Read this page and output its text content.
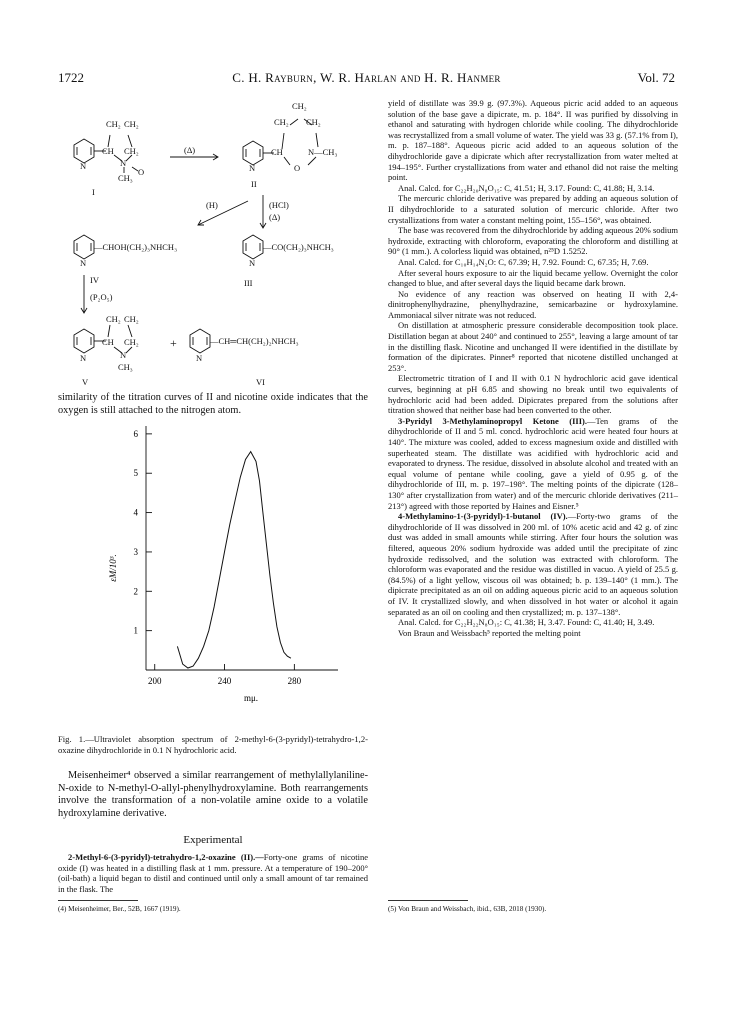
1722	C. H. Rayburn, W. R. Harlan and H. R. Hanmer	Vol. 72
CH₂ CH₂
CH CH₂
N
O
CH₃
N
I
(Δ)
CH₂
CH₂ CH₂
CH	N—CH₃
O
N
II
(H)	(HCl)
(Δ)
—CHOH(CH₂)₃NHCH₃
N
IV
(P₂O₅)
—CO(CH₂)₃NHCH₃
N
III
CH₂ CH₂
CH CH₂
N
CH₃
N
V
+	—CH═CH(CH₂)₂NHCH₃
N
VI

similarity of the titration curves of II and nicotine oxide indicates that the oxygen is still attached to the nitrogen atom.

1
2
3
4
5
6
200	240	280
εM/10³.
mμ.
Fig. 1.—Ultraviolet absorption spectrum of 2-methyl-6-(3-pyridyl)-tetrahydro-1,2-oxazine dihydrochloride in 0.1 N hydrochloric acid.

Meisenheimer⁴ observed a similar rearrangement of methylallylaniline-N-oxide to N-methyl-O-allyl-phenylhydroxylamine. Both rearrangements involve the transformation of a non-volatile amine oxide to a volatile hydroxylamine derivative.

Experimental

2-Methyl-6-(3-pyridyl)-tetrahydro-1,2-oxazine (II).—Forty-one grams of nicotine oxide (I) was heated in a distilling flask at 1 mm. pressure. At a temperature of 190–200° (oil-bath) a liquid began to distil and continued until only a small amount of tar remained in the flask. The

(4) Meisenheimer, Ber., 52B, 1667 (1919).

yield of distillate was 39.9 g. (97.3%). Aqueous picric acid added to an aqueous solution of the base gave a dipicrate, m. p. 184°. II was purified by dissolving in ethanol and saturating with hydrogen chloride while cooling. The dihydrochloride was recrystallized from a small volume of water. The yield was 33 g. (57.1% from I), m. p. 187–188°. Aqueous picric acid added to an aqueous solution of the dihydrochloride gave a dipicrate which after recrystallization from water melted at 194–195°. Further crystallizations from water and ethanol did not raise the melting point.

Anal. Calcd. for C₂₂H₂₀N₈O₁₅: C, 41.51; H, 3.17. Found: C, 41.88; H, 3.14.

The mercuric chloride derivative was prepared by adding an aqueous solution of II dihydrochloride to a saturated solution of mercuric chloride. After two crystallizations from water a constant melting point, 155–156°, was obtained.

The base was recovered from the dihydrochloride by adding aqueous 20% sodium hydroxide, extracting with chloroform, evaporating the chloroform and distilling at 90° (1 mm.). A colorless liquid was obtained, n²⁵D 1.5252.

Anal. Calcd. for C₁₀H₁₄N₂O: C, 67.39; H, 7.92. Found: C, 67.35; H, 7.69.

After several hours exposure to air the liquid became yellow. Overnight the color changed to blue, and after several days the liquid became dark brown.

No evidence of any reaction was observed on heating II with 2,4-dinitrophenylhydrazine, phenylhydrazine, semicarbazine or hydroxylamine. Ammoniacal silver nitrate was not reduced.

On distillation at atmospheric pressure considerable decomposition took place. Distillation began at about 240° and continued to 255°, leaving a large amount of tar in the distilling flask. Nicotine and unchanged II were identified in the distillate by formation of the dipicrates. Pinner⁸ reported that nicotene distilled unchanged at 253°.

Electrometric titration of I and II with 0.1 N hydrochloric acid gave identical curves, beginning at pH 6.85 and showing no break until two equivalents of hydrochloric acid had been added. Dipicrates prepared from the solutions after titration showed that neither base had been converted to the other.

3-Pyridyl 3-Methylaminopropyl Ketone (III).—Ten grams of the dihydrochloride of II and 5 ml. concd. hydrochloric acid were heated four hours at 140°. The mixture was cooled, added to excess magnesium oxide and distilled with superheated steam. The distillate was acidified with hydrochloric acid and evaporated to dryness. The residue, dissolved in absolute alcohol and treated with an equal volume of pentane while cooling, gave a yield of 0.95 g. of the dihydrochloride of III, m. p. 197–198°. The melting points of the dipicrate (128–130° after crystallization from water) and of the mercuric chloride derivatives (211–213°) agreed with those reported by Haines and Eisner.⁵

4-Methylamino-1-(3-pyridyl)-1-butanol (IV).—Forty-two grams of the dihydrochloride of II was dissolved in 200 ml. of 10% acetic acid and 42 g. of zinc dust was added in small amounts while stirring. After four hours the solution was filtered, aqueous 20% sodium hydroxide was added until the precipitate of zinc hydroxide redissolved, and the solution was extracted with chloroform. The chloroform was evaporated and the residue was distilled in vacuo. A yield of 25.5 g. (84.5%) of a light yellow, viscous oil was obtained; b. p. 139–140° (1 mm.). The dipicrate precipitated as an oil on adding aqueous picric acid to an aqueous solution of IV. It crystallized slowly, and when dissolved in hot water or alcohol it again separated as an oil on cooling and then crystallized; m. p. 137–138°.

Anal. Calcd. for C₂₂H₂₂N₈O₁₅: C, 41.38; H, 3.47. Found: C, 41.40; H, 3.49.

Von Braun and Weissbach⁵ reported the melting point

(5) Von Braun and Weissbach, ibid., 63B, 2018 (1930).
